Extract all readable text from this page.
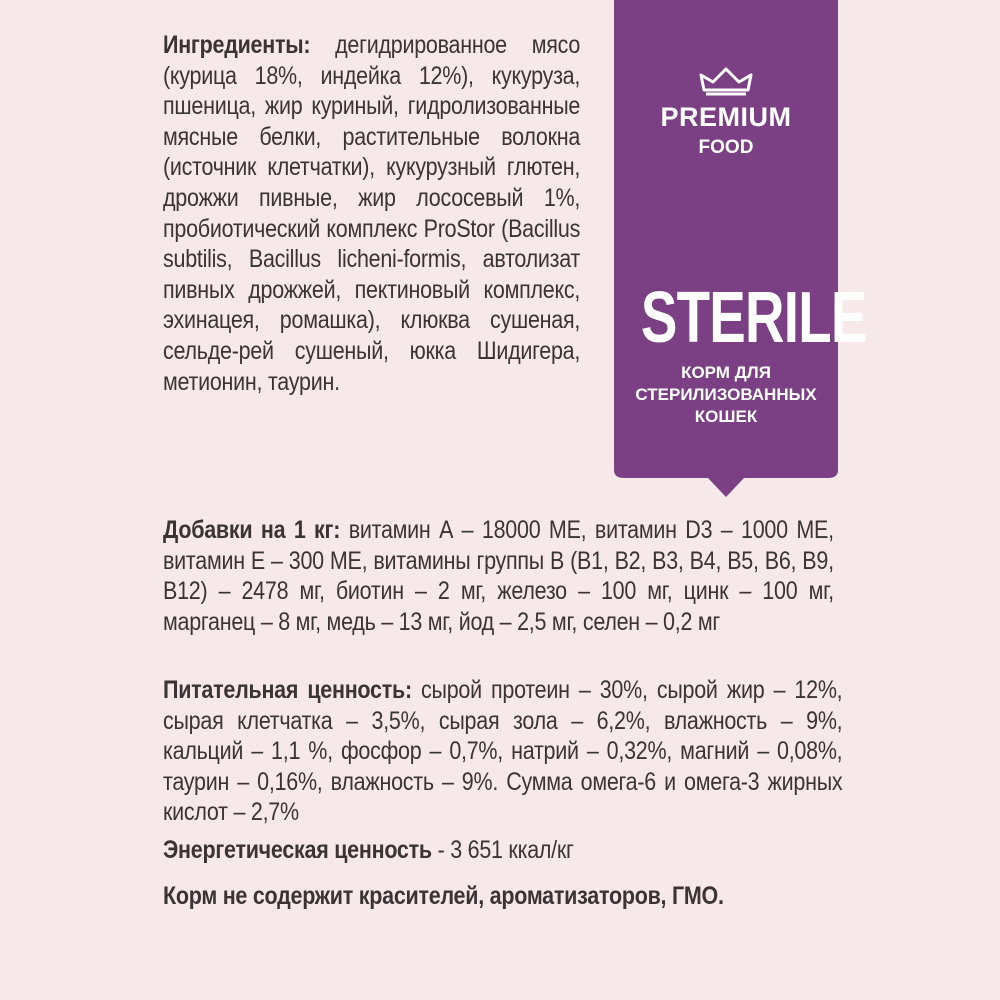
PREMIUM
FOOD
STERILE
КОРМ ДЛЯ
СТЕРИЛИЗОВАННЫХ
КОШЕК
Ингредиенты: дегидрированное мясо (курица 18%, индейка 12%), кукуруза, пшеница, жир куриный, гидролизованные мясные белки, растительные волокна (источник клетчатки), кукурузный глютен, дрожжи пивные, жир лососевый 1%, пробиотический комплекс ProStor (Bacillus subtilis, Bacillus licheni-formis, автолизат пивных дрожжей, пектиновый комплекс, эхинацея, ромашка), клюква сушеная, сельде-рей сушеный, юкка Шидигера, метионин, таурин.
Добавки на 1 кг: витамин А – 18000 МЕ, витамин D3 – 1000 МЕ, витамин Е – 300 МЕ, витамины группы В (В1, В2, В3, В4, В5, В6, В9, В12) – 2478 мг, биотин – 2 мг, железо – 100 мг, цинк – 100 мг, марганец – 8 мг, медь – 13 мг, йод – 2,5 мг, селен – 0,2 мг
Питательная ценность: сырой протеин – 30%, сырой жир – 12%, сырая клетчатка – 3,5%, сырая зола – 6,2%, влажность – 9%, кальций – 1,1 %, фосфор – 0,7%, натрий – 0,32%, магний – 0,08%, таурин – 0,16%, влажность – 9%. Сумма омега-6 и омега-3 жирных кислот – 2,7%
Энергетическая ценность - 3 651 ккал/кг
Корм не содержит красителей, ароматизаторов, ГМО.
